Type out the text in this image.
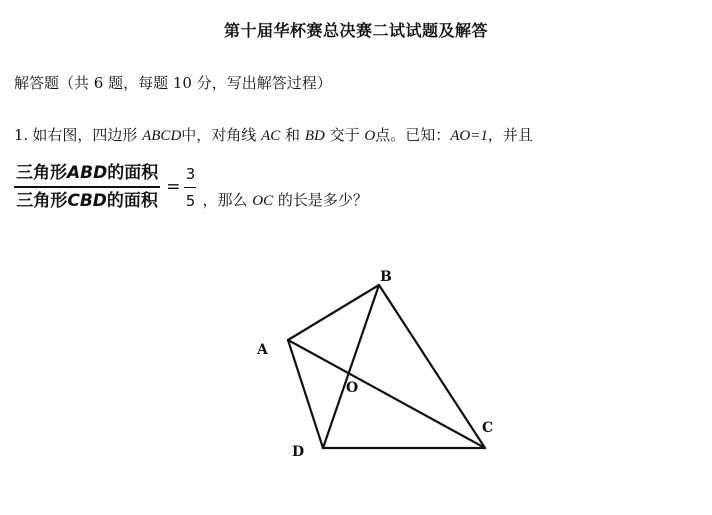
第十届华杯赛总决赛二试试题及解答
解答题（共 6 题，每题 10 分，写出解答过程）
1. 如右图，四边形 ABCD中，对角线 AC 和 BD 交于 O点。已知：AO=1，并且
$\frac{\text{三角形ABD的面积}}{\text{三角形CBD的面积}} = \frac{3}{5}$ ，那么 OC 的长是多少？
A
B
C
D
O
